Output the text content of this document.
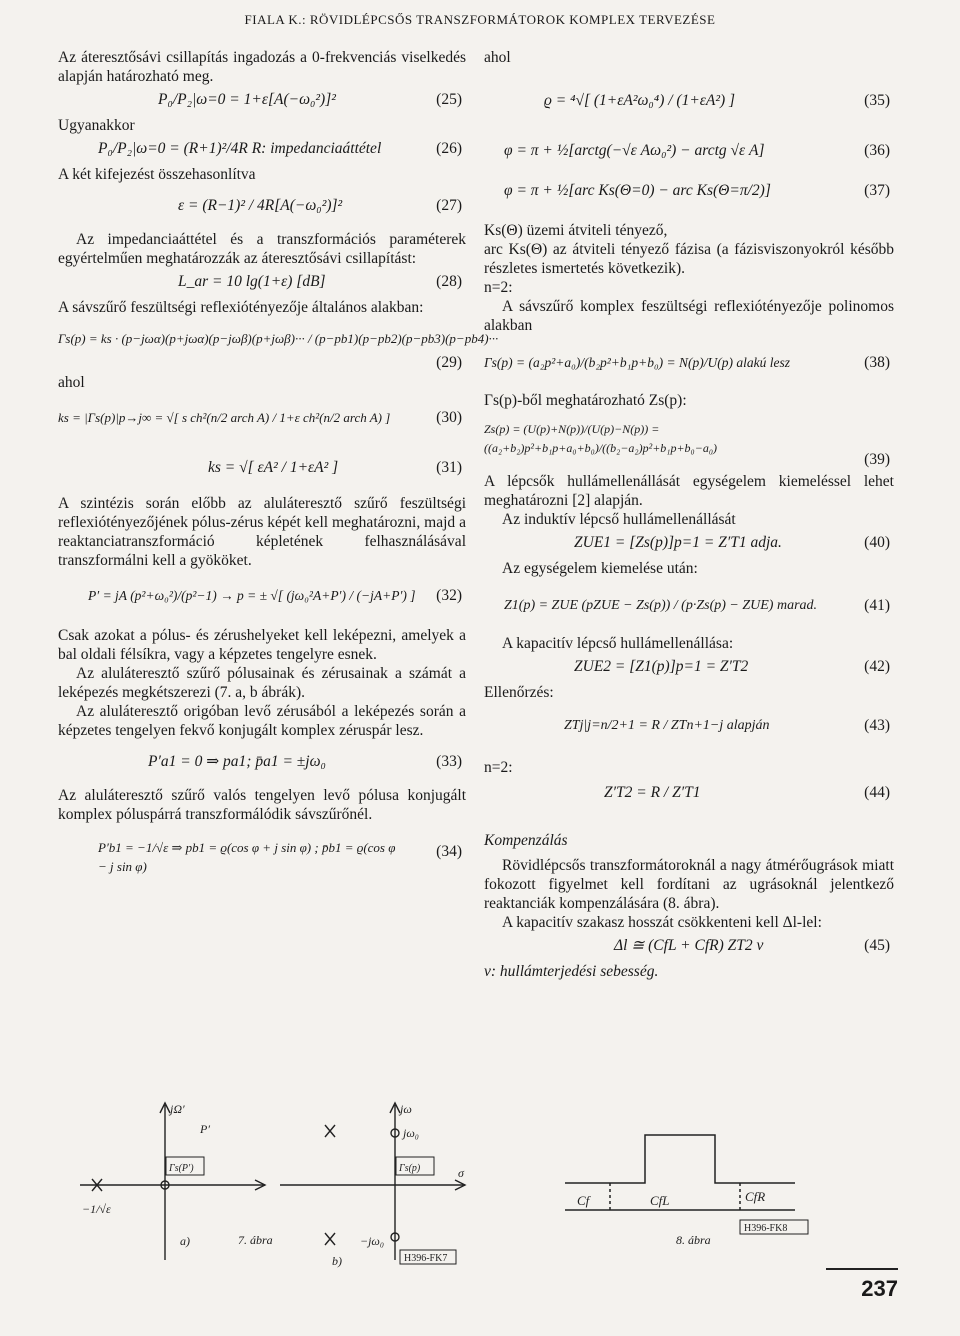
FIALA K.: RÖVIDLÉPCSŐS TRANSZFORMÁTOROK KOMPLEX TERVEZÉSE

Az áteresztősávi csillapítás ingadozás a 0-frekvenciás viselkedés alapján határozható meg.

P₀/P₂|ω=0 = 1+ε[A(−ω₀²)]²	(25)

Ugyanakkor

P₀/P₂|ω=0 = (R+1)²/4R R: impedanciaáttétel	(26)

A két kifejezést összehasonlítva

ε = (R−1)² / 4R[A(−ω₀²)]²	(27)

Az impedanciaáttétel és a transzformációs paraméterek egyértelműen meghatározzák az áteresztősávi csillapítást:

L_ar = 10 lg(1+ε) [dB]	(28)

A sávszűrő feszültségi reflexiótényezője általános alakban:

Γs(p) = ks · (p−jωα)(p+jωα)(p−jωβ)(p+jωβ)··· / (p−pb1)(p−pb2)(p−pb3)(p−pb4)···
(29)

ahol

ks = |Γs(p)|p→j∞ = √[ s ch²(n/2 arch A) / 1+ε ch²(n/2 arch A) ]	(30)
ks = √[ εA² / 1+εA² ]	(31)

A szintézis során előbb az aluláteresztő szűrő feszültségi reflexiótényezőjének pólus-zérus képét kell meghatározni, majd a reaktanciatranszformáció képletének felhasználásával transzformálni kell a gyököket.

P′ = jA (p²+ω₀²)/(p²−1) → p = ± √[ (jω₀²A+P′) / (−jA+P′) ] (32)

Csak azokat a pólus- és zérushelyeket kell leképezni, amelyek a bal oldali félsíkra, vagy a képzetes tengelyre esnek.

Az aluláteresztő szűrő pólusainak és zérusainak a számát a leképezés megkétszerezi (7. a, b ábrák).

Az aluláteresztő origóban levő zérusából a leképezés során a képzetes tengelyen fekvő konjugált komplex zéruspár lesz.

P′a1 = 0 ⇒ pa1; p̄a1 = ±jω₀	(33)

Az aluláteresztő szűrő valós tengelyen levő pólusa konjugált komplex póluspárrá transzformálódik sávszűrőnél.

P′b1 = −1/√ε ⇒ pb1 = ϱ(cos φ + j sin φ) ; p̄b1 = ϱ(cos φ − j sin φ)
(34)

ahol

ϱ = ⁴√[ (1+εA²ω₀⁴) / (1+εA²) ]	(35)
φ = π + ½[arctg(−√ε Aω₀²) − arctg √ε A]	(36)
φ = π + ½[arc Ks(Θ=0) − arc Ks(Θ=π/2)]	(37)

Ks(Θ) üzemi átviteli tényező,

arc Ks(Θ) az átviteli tényező fázisa (a fázisviszonyokról később részletes ismertetés következik).

n=2:

A sávszűrő komplex feszültségi reflexiótényezője polinomos alakban

Γs(p) = (a₂p²+a₀)/(b₂p²+b₁p+b₀) = N(p)/U(p) alakú lesz	(38)

Γs(p)-ből meghatározható Zs(p):

Zs(p) = (U(p)+N(p))/(U(p)−N(p)) = ((a₂+b₂)p²+b₁p+a₀+b₀)/((b₂−a₂)p²+b₁p+b₀−a₀)
(39)

A lépcsők hullámellenállását egységelem kiemeléssel lehet meghatározni [2] alapján.

Az induktív lépcső hullámellenállását

ZUE1 = [Zs(p)]p=1 = Z′T1 adja.	(40)

Az egységelem kiemelése után:

Z1(p) = ZUE (pZUE − Zs(p)) / (p·Zs(p) − ZUE) marad.	(41)

A kapacitív lépcső hullámellenállása:

ZUE2 = [Z1(p)]p=1 = Z′T2	(42)

Ellenőrzés:

ZTj|j=n/2+1 = R / ZTn+1−j alapján	(43)

n=2:

Z′T2 = R / Z′T1	(44)

Kompenzálás

Rövidlépcsős transzformátoroknál a nagy átmérőugrások miatt fokozott figyelmet kell fordítani az ugrásoknál jelentkező reaktanciák kompenzálására (8. ábra).

A kapacitív szakasz hosszát csökkenteni kell Δl-lel:

Δl ≅ (CfL + CfR) ZT2 v	(45)

v: hullámterjedési sebesség.

jΩ′
P′
Γs(P′)
−1/√ε
a)
jω
jω₀
Γs(p)	σ
b)
−jω₀
H396-FK7
7. ábra
Cf	CfL	CfR
H396-FK8
8. ábra
237
